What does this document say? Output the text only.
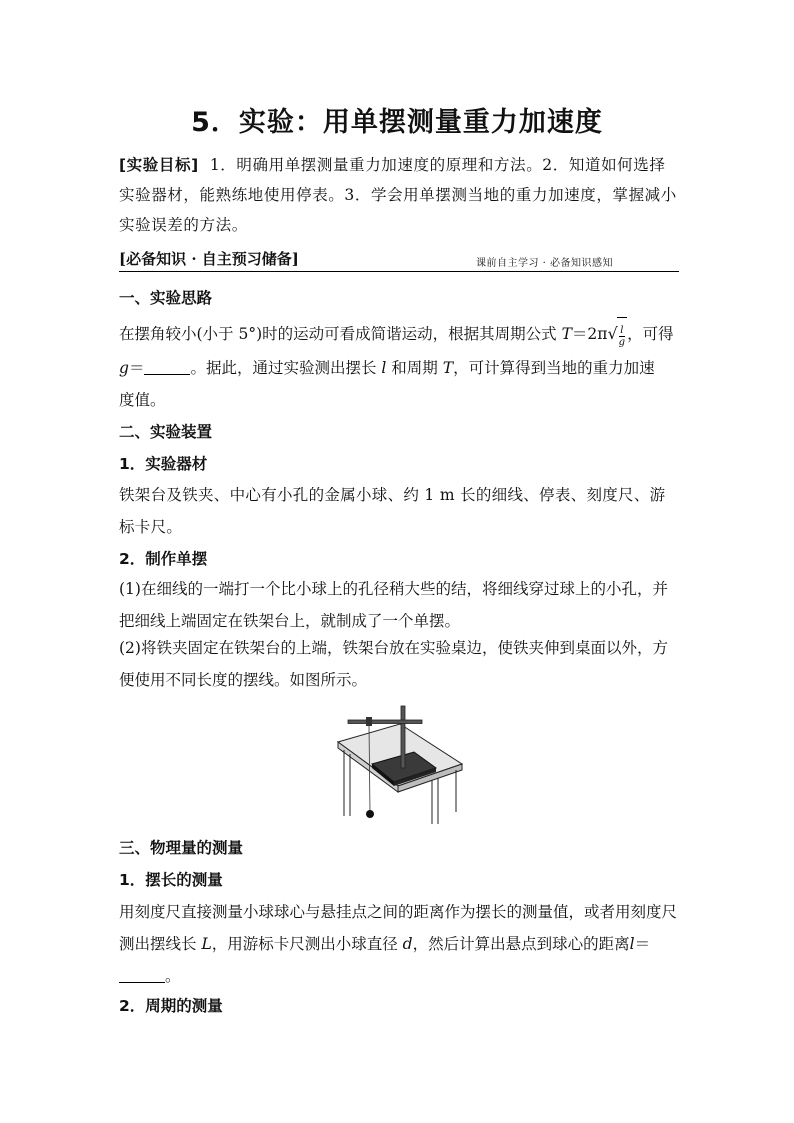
5．实验：用单摆测量重力加速度
[实验目标] 1．明确用单摆测量重力加速度的原理和方法。2．知道如何选择实验器材，能熟练地使用停表。3．学会用单摆测当地的重力加速度，掌握减小实验误差的方法。
[必备知识 · 自主预习储备]	课前自主学习 · 必备知识感知
一、实验思路
在摆角较小(小于 5°)时的运动可看成简谐运动，根据其周期公式 $T=2\pi√ \frac{l}{g}$ ，可得
g＝	。据此，通过实验测出摆长 l 和周期 T，可计算得到当地的重力加速
度值。
二、实验装置
1．实验器材
铁架台及铁夹、中心有小孔的金属小球、约 1 m 长的细线、停表、刻度尺、游标卡尺。
2．制作单摆
(1)在细线的一端打一个比小球上的孔径稍大些的结，将细线穿过球上的小孔，并把细线上端固定在铁架台上，就制成了一个单摆。
(2)将铁夹固定在铁架台的上端，铁架台放在实验桌边，使铁夹伸到桌面以外，方便使用不同长度的摆线。如图所示。
三、物理量的测量
1．摆长的测量
用刻度尺直接测量小球球心与悬挂点之间的距离作为摆长的测量值，或者用刻度尺测出摆线长 L，用游标卡尺测出小球直径 d，然后计算出悬点到球心的距离l＝。
2．周期的测量
